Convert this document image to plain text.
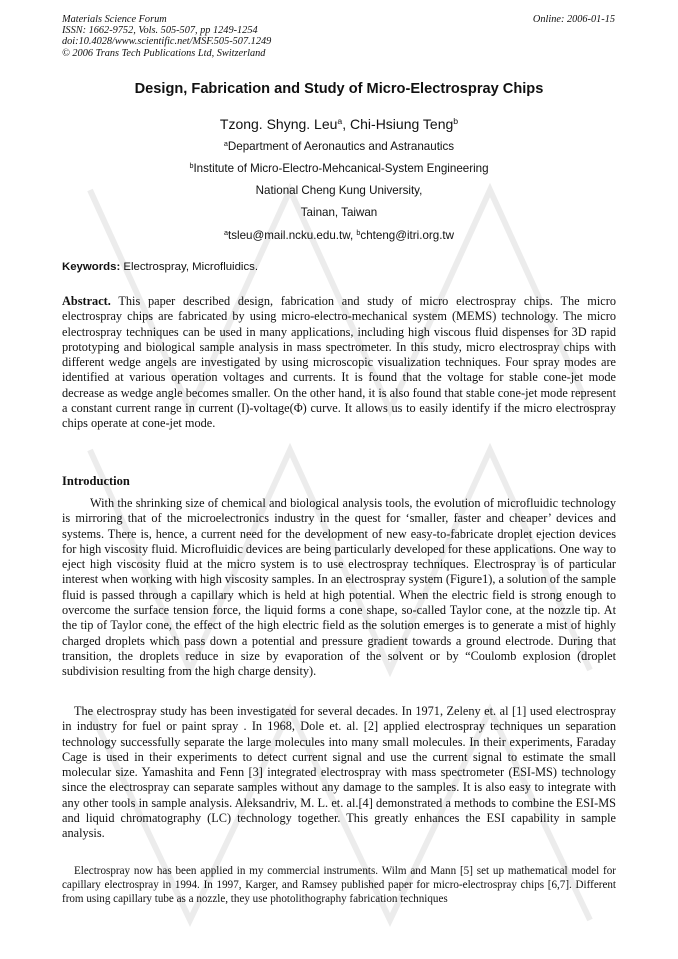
Materials Science Forum
ISSN: 1662-9752, Vols. 505-507, pp 1249-1254
doi:10.4028/www.scientific.net/MSF.505-507.1249
© 2006 Trans Tech Publications Ltd, Switzerland
Online: 2006-01-15
Design, Fabrication and Study of Micro-Electrospray Chips
Tzong. Shyng. Leu$^a$, Chi-Hsiung Teng$^b$
$^a$Department of Aeronautics and Astranautics
$^b$Institute of Micro-Electro-Mehcanical-System Engineering
National Cheng Kung University,
Tainan, Taiwan
$^a$tsleu@mail.ncku.edu.tw, $^b$chteng@itri.org.tw
Keywords: Electrospray, Microfluidics.

Abstract. This paper described design, fabrication and study of micro electrospray chips. The micro electrospray chips are fabricated by using micro-electro-mechanical system (MEMS) technology. The micro electrospray techniques can be used in many applications, including high viscous fluid dispenses for 3D rapid prototyping and biological sample analysis in mass spectrometer. In this study, micro electrospray chips with different wedge angels are investigated by using microscopic visualization techniques. Four spray modes are identified at various operation voltages and currents. It is found that the voltage for stable cone-jet mode decrease as wedge angle becomes smaller. On the other hand, it is also found that stable cone-jet mode represent a constant current range in current (I)-voltage(Φ) curve. It allows us to easily identify if the micro electrospray chips operate at cone-jet mode.

Introduction

With the shrinking size of chemical and biological analysis tools, the evolution of microfluidic technology is mirroring that of the microelectronics industry in the quest for ‘smaller, faster and cheaper’ devices and systems. There is, hence, a current need for the development of new easy-to-fabricate droplet ejection devices for high viscosity fluid. Microfluidic devices are being particularly developed for these applications. One way to eject high viscosity fluid at the micro system is to use electrospray techniques. Electrospray is of particular interest when working with high viscosity samples. In an electrospray system (Figure1), a solution of the sample fluid is passed through a capillary which is held at high potential. When the electric field is strong enough to overcome the surface tension force, the liquid forms a cone shape, so-called Taylor cone, at the nozzle tip. At the tip of Taylor cone, the effect of the high electric field as the solution emerges is to generate a mist of highly charged droplets which pass down a potential and pressure gradient towards a ground electrode. During that transition, the droplets reduce in size by evaporation of the solvent or by “Coulomb explosion (droplet subdivision resulting from the high charge density).

The electrospray study has been investigated for several decades. In 1971, Zeleny et. al [1] used electrospray in industry for fuel or paint spray . In 1968, Dole et. al. [2] applied electrospray techniques un separation technology successfully separate the large molecules into many small molecules. In their experiments, Faraday Cage is used in their experiments to detect current signal and use the current signal to estimate the small molecular size. Yamashita and Fenn [3] integrated electrospray with mass spectrometer (ESI-MS) technology since the electrospray can separate samples without any damage to the samples. It is also easy to integrate with any other tools in sample analysis. Aleksandriv, M. L. et. al.[4] demonstrated a methods to combine the ESI-MS and liquid chromatography (LC) technology together. This greatly enhances the ESI capability in sample analysis.

Electrospray now has been applied in my commercial instruments. Wilm and Mann [5] set up mathematical model for capillary electrospray in 1994. In 1997, Karger, and Ramsey published paper for micro-electrospray chips [6,7]. Different from using capillary tube as a nozzle, they use photolithography fabrication techniques
